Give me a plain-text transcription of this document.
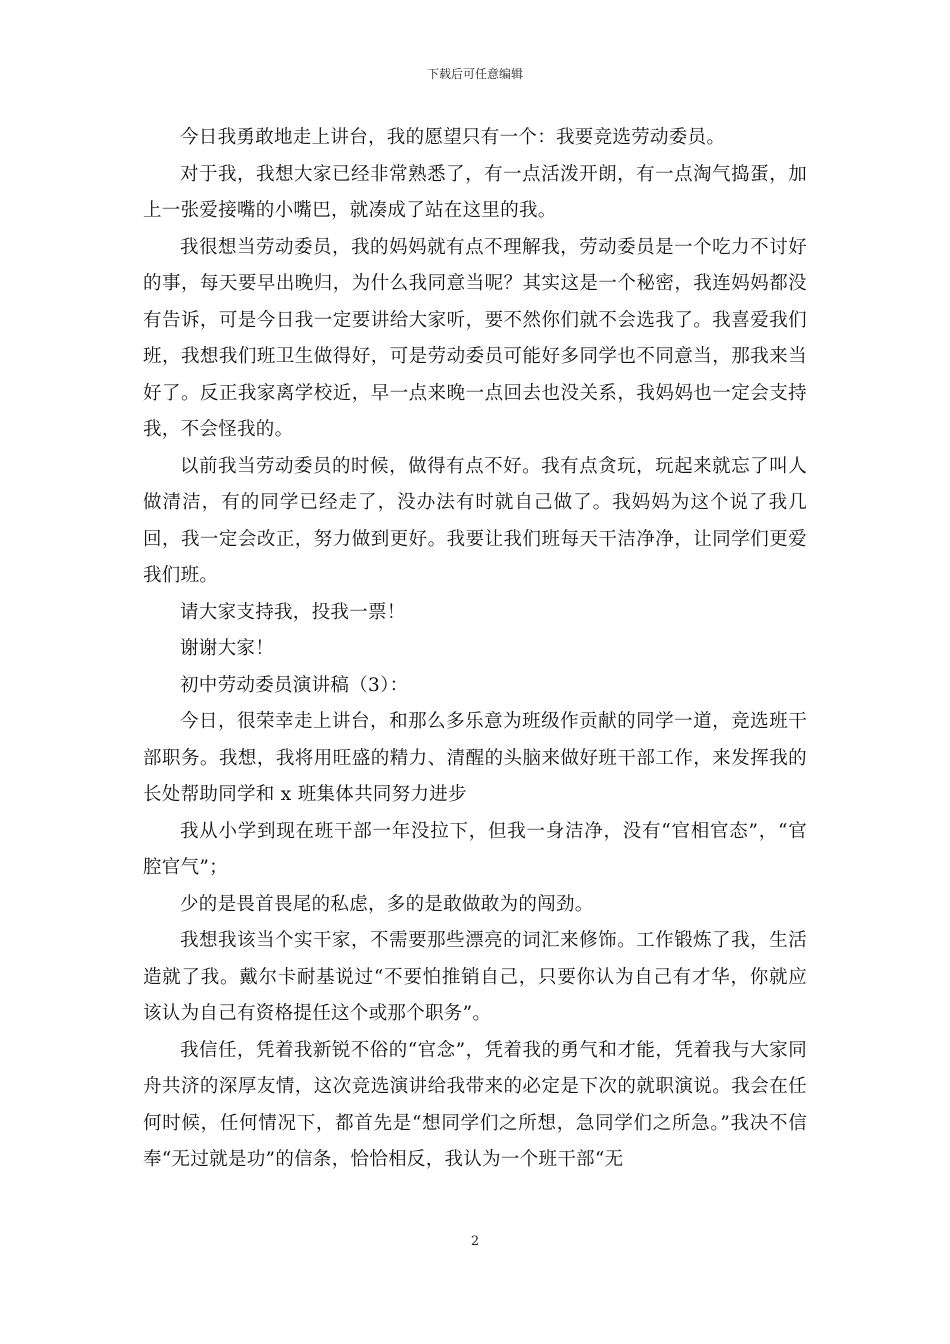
下载后可任意编辑

今日我勇敢地走上讲台，我的愿望只有一个：我要竞选劳动委员。

对于我，我想大家已经非常熟悉了，有一点活泼开朗，有一点淘气捣蛋，加上一张爱接嘴的小嘴巴，就凑成了站在这里的我。

我很想当劳动委员，我的妈妈就有点不理解我，劳动委员是一个吃力不讨好的事，每天要早出晚归，为什么我同意当呢？其实这是一个秘密，我连妈妈都没有告诉，可是今日我一定要讲给大家听，要不然你们就不会选我了。我喜爱我们班，我想我们班卫生做得好，可是劳动委员可能好多同学也不同意当，那我来当好了。反正我家离学校近，早一点来晚一点回去也没关系，我妈妈也一定会支持我，不会怪我的。

以前我当劳动委员的时候，做得有点不好。我有点贪玩，玩起来就忘了叫人做清洁，有的同学已经走了，没办法有时就自己做了。我妈妈为这个说了我几回，我一定会改正，努力做到更好。我要让我们班每天干洁净净，让同学们更爱我们班。

请大家支持我，投我一票！

谢谢大家！

初中劳动委员演讲稿（3）：

今日，很荣幸走上讲台，和那么多乐意为班级作贡献的同学一道，竞选班干部职务。我想，我将用旺盛的精力、清醒的头脑来做好班干部工作，来发挥我的长处帮助同学和 x 班集体共同努力进步

我从小学到现在班干部一年没拉下，但我一身洁净，没有“官相官态”，“官腔官气”；

少的是畏首畏尾的私虑，多的是敢做敢为的闯劲。

我想我该当个实干家，不需要那些漂亮的词汇来修饰。工作锻炼了我，生活造就了我。戴尔卡耐基说过“不要怕推销自己，只要你认为自己有才华，你就应该认为自己有资格提任这个或那个职务”。

我信任，凭着我新锐不俗的“官念”，凭着我的勇气和才能，凭着我与大家同舟共济的深厚友情，这次竞选演讲给我带来的必定是下次的就职演说。我会在任何时候，任何情况下，都首先是“想同学们之所想，急同学们之所急。”我决不信奉“无过就是功”的信条，恰恰相反，我认为一个班干部“无

2
